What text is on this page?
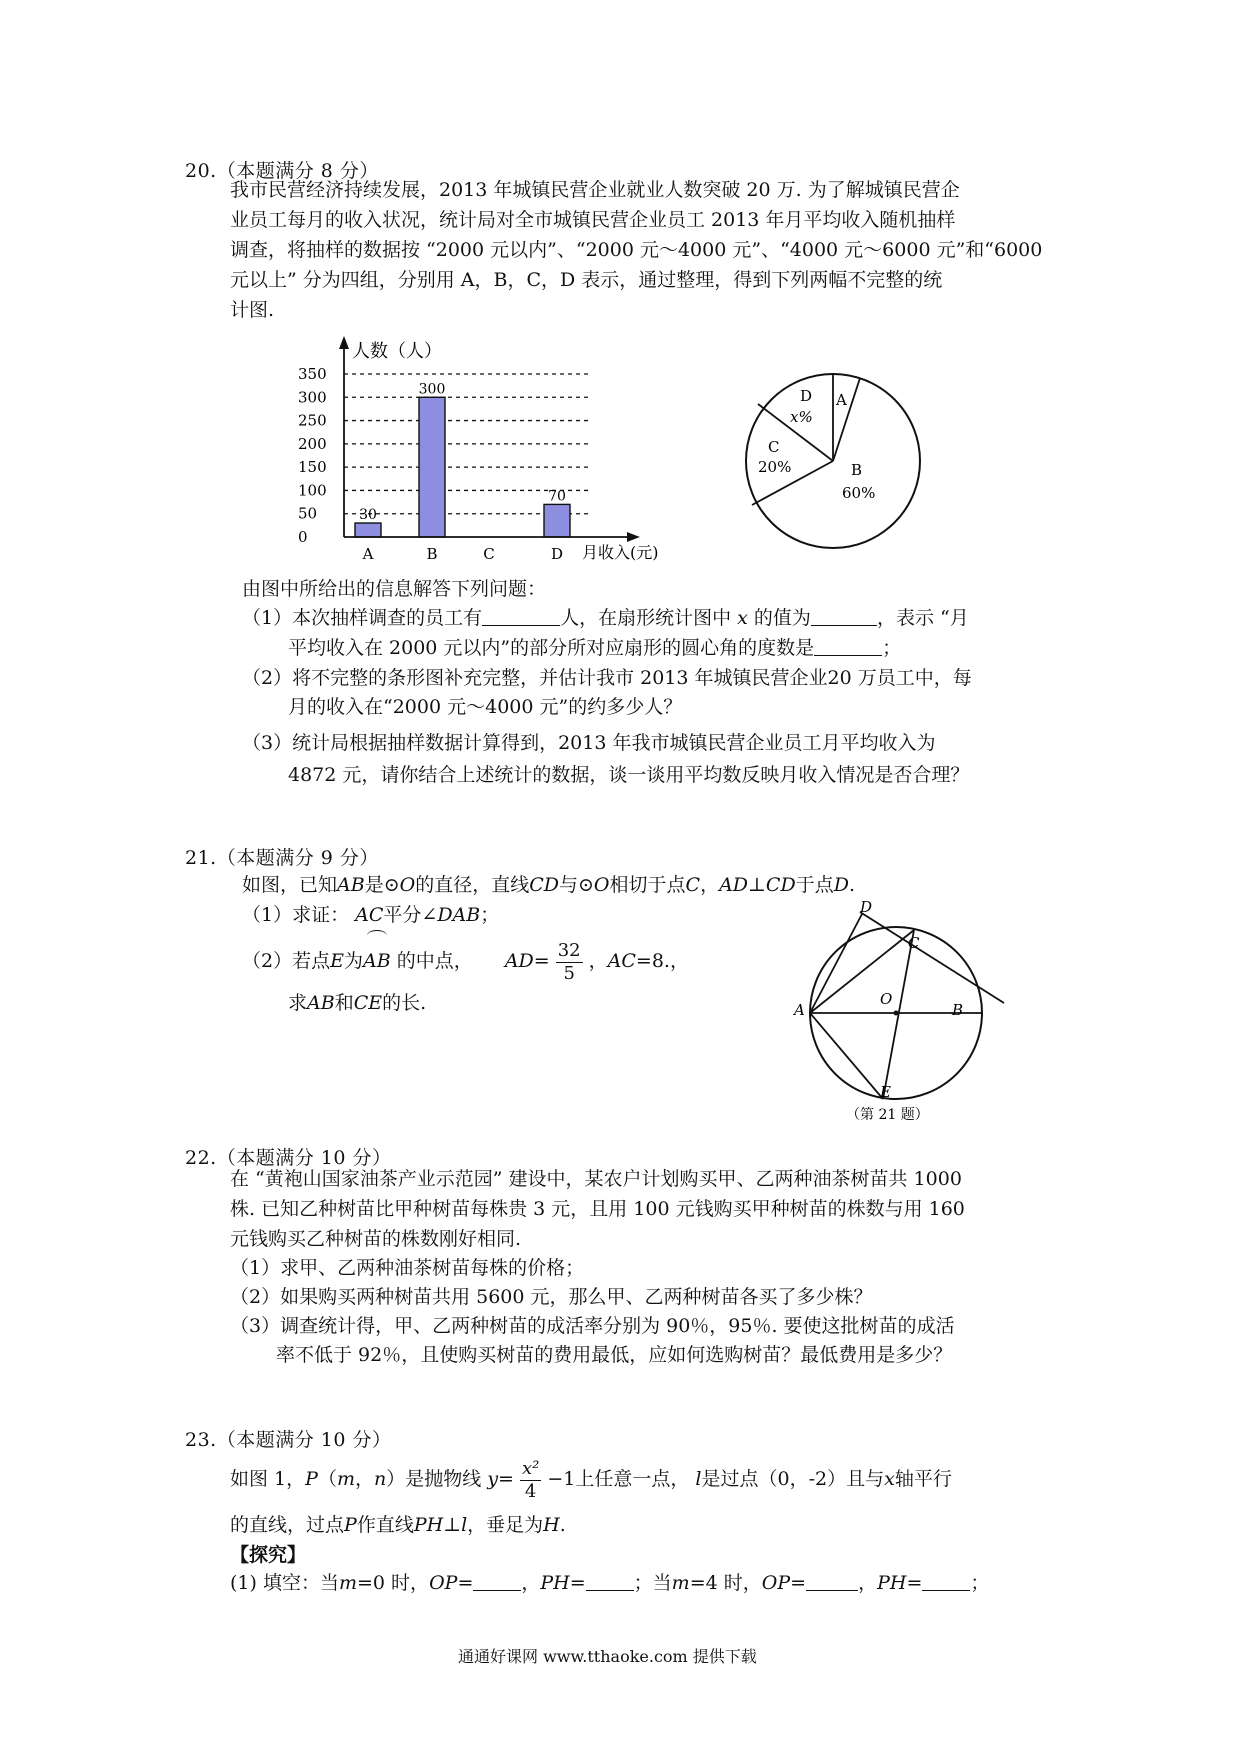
20.（本题满分 8 分）
我市民营经济持续发展，2013 年城镇民营企业就业人数突破 20 万. 为了解城镇民营企
业员工每月的收入状况，统计局对全市城镇民营企业员工 2013 年月平均收入随机抽样
调查，将抽样的数据按 “2000 元以内”、“2000 元～4000 元”、“4000 元～6000 元”和“6000
元以上” 分为四组，分别用 A，B，C，D 表示，通过整理，得到下列两幅不完整的统
计图.
0
50
100
150
200
250
300
350
30
300
70
A	B	C	D
人数（人）
月收入(元)
A
B
60%
C
20%
D
x%
由图中所给出的信息解答下列问题：
（1）本次抽样调查的员工有	人，在扇形统计图中 x 的值为	，表示 “月
平均收入在 2000 元以内”的部分所对应扇形的圆心角的度数是	；
（2）将不完整的条形图补充完整，并估计我市 2013 年城镇民营企业20 万员工中，每
月的收入在“2000 元～4000 元”的约多少人？
（3）统计局根据抽样数据计算得到，2013 年我市城镇民营企业员工月平均收入为
4872 元，请你结合上述统计的数据，谈一谈用平均数反映月收入情况是否合理？
21.（本题满分 9 分）
如图，已知AB是⊙O的直径，直线CD与⊙O相切于点C，AD⊥CD于点D.
（1）求证： AC平分∠DAB；
（2）若点E为
AB 的中点， $AD= \frac{32}{5}$ ，AC=8.，
求AB和CE的长.
D
C
O
A	B
E
（第 21 题）
22.（本题满分 10 分）
在 “黄袍山国家油茶产业示范园” 建设中，某农户计划购买甲、乙两种油茶树苗共 1000
株. 已知乙种树苗比甲种树苗每株贵 3 元，且用 100 元钱购买甲种树苗的株数与用 160
元钱购买乙种树苗的株数刚好相同.
（1）求甲、乙两种油茶树苗每株的价格；
（2）如果购买两种树苗共用 5600 元，那么甲、乙两种树苗各买了多少株？
（3）调查统计得，甲、乙两种树苗的成活率分别为 90％，95％. 要使这批树苗的成活
率不低于 92％，且使购买树苗的费用最低，应如何选购树苗？最低费用是多少？
23.（本题满分 10 分）
如图 1，P（m，n）是抛物线 $y= \frac{\text{x²}}{4} -1$上任意一点， l是过点（0，-2）且与x轴平行
的直线，过点P作直线PH⊥l，垂足为H.
【探究】
(1) 填空：当m=0 时，OP=	，PH=	；当m=4 时，OP=	，PH=	；
通通好课网 www.tthaoke.com 提供下载
